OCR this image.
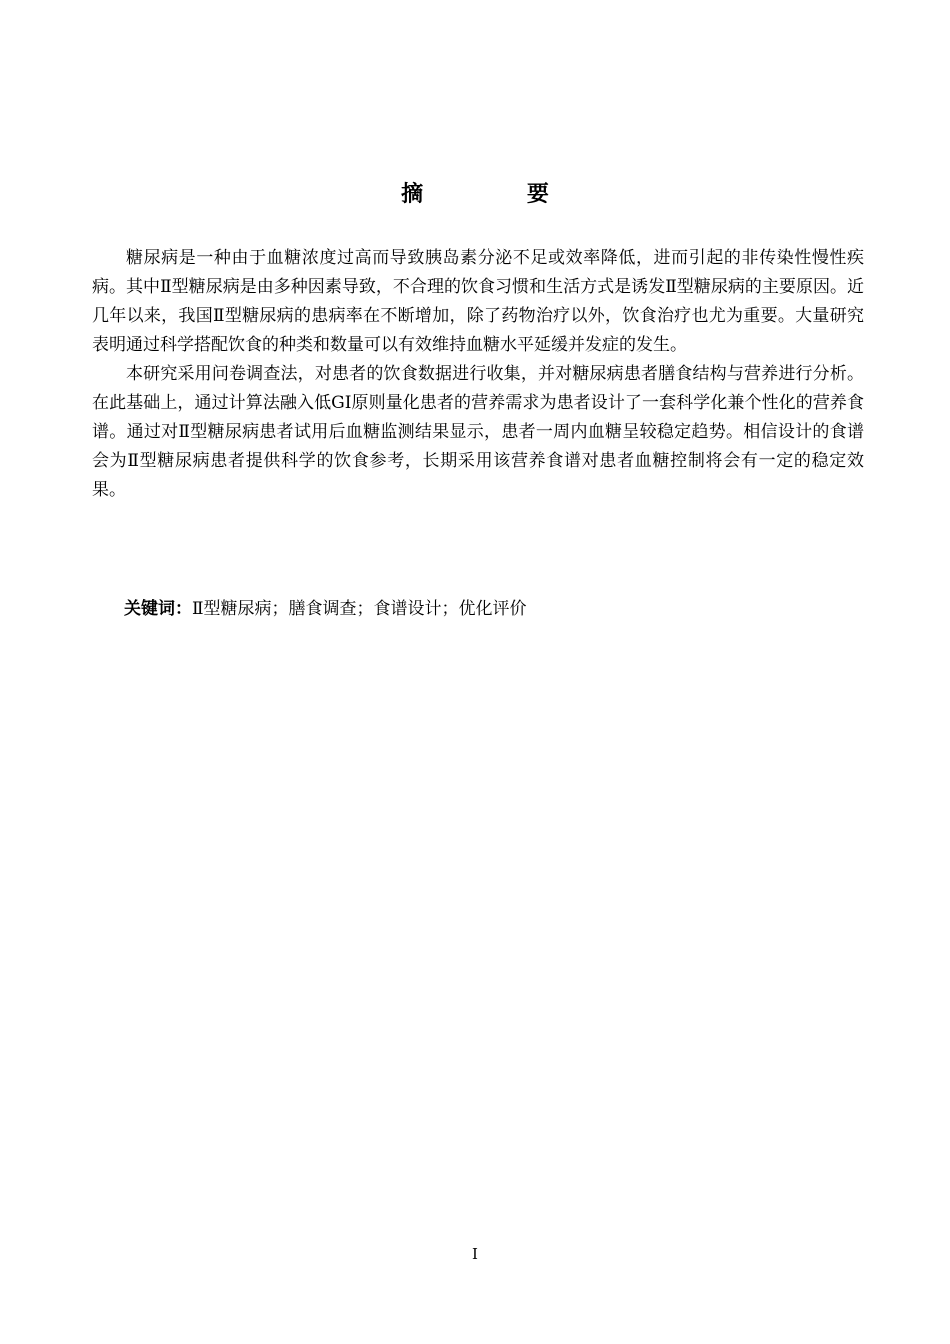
摘 要

糖尿病是一种由于血糖浓度过高而导致胰岛素分泌不足或效率降低，进而引起的非传染性慢性疾病。其中Ⅱ型糖尿病是由多种因素导致，不合理的饮食习惯和生活方式是诱发Ⅱ型糖尿病的主要原因。近几年以来，我国Ⅱ型糖尿病的患病率在不断增加，除了药物治疗以外，饮食治疗也尤为重要。大量研究表明通过科学搭配饮食的种类和数量可以有效维持血糖水平延缓并发症的发生。

本研究采用问卷调查法，对患者的饮食数据进行收集，并对糖尿病患者膳食结构与营养进行分析。在此基础上，通过计算法融入低GI原则量化患者的营养需求为患者设计了一套科学化兼个性化的营养食谱。通过对Ⅱ型糖尿病患者试用后血糖监测结果显示，患者一周内血糖呈较稳定趋势。相信设计的食谱会为Ⅱ型糖尿病患者提供科学的饮食参考，长期采用该营养食谱对患者血糖控制将会有一定的稳定效果。

关键词：Ⅱ型糖尿病；膳食调查；食谱设计；优化评价
I
